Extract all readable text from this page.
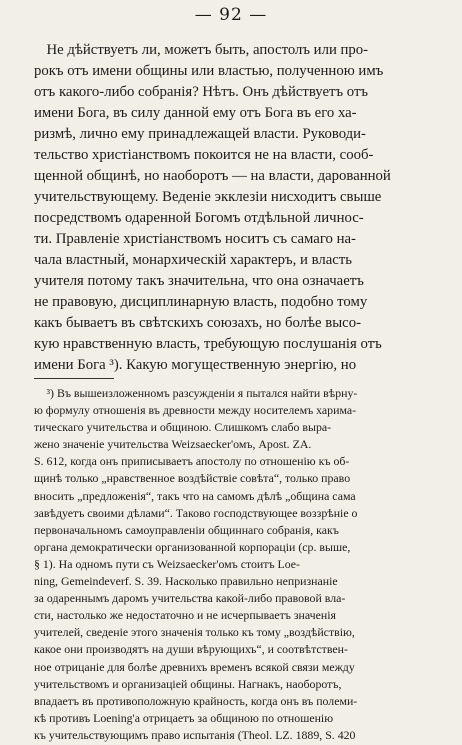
— 92 —
Не дѣйствуетъ ли, можетъ быть, апостолъ или про-
рокъ отъ имени общины или властью, полученною имъ
отъ какого-либо собранія? Нѣтъ. Онъ дѣйствуетъ отъ
имени Бога, въ силу данной ему отъ Бога въ его ха-
ризмѣ, лично ему принадлежащей власти. Руководи-
тельство христіанствомъ покоится не на власти, сооб-
щенной общинѣ, но наоборотъ — на власти, дарованной
учительствующему. Веденіе экклезіи нисходитъ свыше
посредствомъ одаренной Богомъ отдѣльной личнос-
ти. Правленіе христіанствомъ носитъ съ самаго на-
чала властный, монархическій характеръ, и власть
учителя потому такъ значительна, что она означаетъ
не правовую, дисциплинарную власть, подобно тому
какъ бываетъ въ свѣтскихъ союзахъ, но болѣе высо-
кую нравственную власть, требующую послушанія отъ
имени Бога ³). Какую могущественную энергію, но
³) Въ вышеизложенномъ разсужденіи я пытался найти вѣрну-
ю формулу отношенія въ древности между носителемъ харима-
тическаго учительства и общиною. Слишкомъ слабо выра-
жено значеніе учительства Weizsaecker'омъ, Apost. ZA.
S. 612, когда онъ приписываетъ апостолу по отношенію къ об-
щинѣ только „нравственное воздѣйствіе совѣта“, только право
вносить „предложенія“, такъ что на самомъ дѣлѣ „община сама
завѣдуетъ своими дѣлами“. Таково господствующее воззрѣніе о
первоначальномъ самоуправленіи общиннаго собранія, какъ
органа демократически организованной корпораціи (ср. выше,
§ 1). На одномъ пути съ Weizsaecker'омъ стоитъ Loe-
ning, Gemeindeverf. S. 39. Насколько правильно непризнаніе
за одареннымъ даромъ учительства какой-либо правовой вла-
сти, настолько же недостаточно и не исчерпываетъ значенія
учителей, сведеніе этого значенія только къ тому „воздѣйствію,
какое они производятъ на души вѣрующихъ“, и соотвѣтствен-
ное отрицаніе для болѣе древнихъ временъ всякой связи между
учительствомъ и организаціей общины. Нагнакъ, наоборотъ,
впадаетъ въ противоположную крайность, когда онъ въ полеми-
кѣ противъ Loening'а отрицаетъ за общиною по отношенію
къ учительствующимъ право испытанія (Theol. LZ. 1889, S. 420
